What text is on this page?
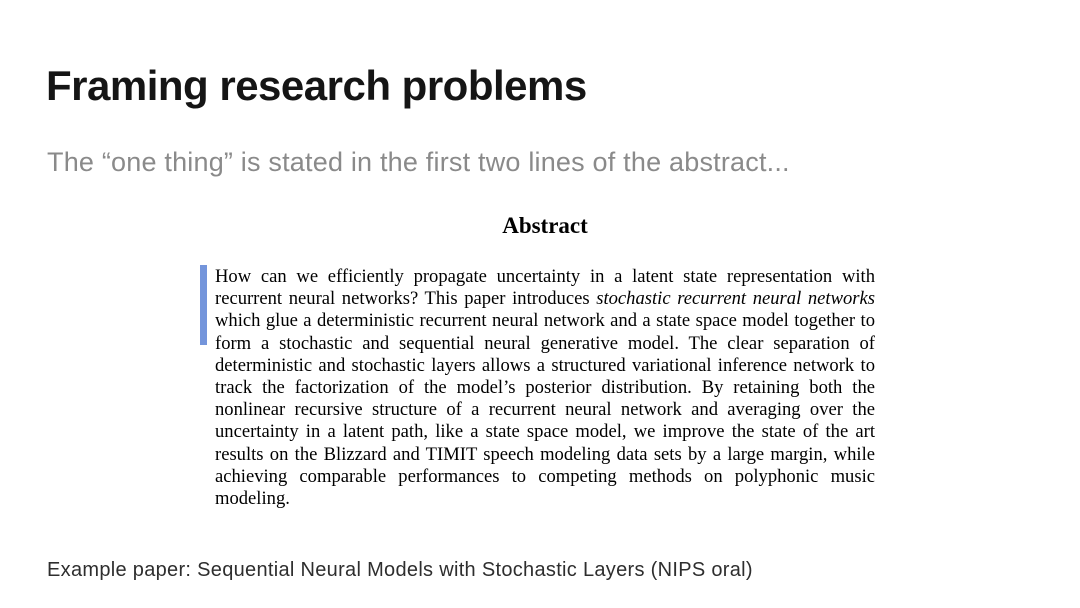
Framing research problems

The “one thing” is stated in the first two lines of the abstract...

Abstract

How can we efficiently propagate uncertainty in a latent state representation with recurrent neural networks? This paper introduces stochastic recurrent neural networks which glue a deterministic recurrent neural network and a state space model together to form a stochastic and sequential neural generative model. The clear separation of deterministic and stochastic layers allows a structured variational inference network to track the factorization of the model’s posterior distribution. By retaining both the nonlinear recursive structure of a recurrent neural network and averaging over the uncertainty in a latent path, like a state space model, we improve the state of the art results on the Blizzard and TIMIT speech modeling data sets by a large margin, while achieving comparable performances to competing methods on polyphonic music modeling.

Example paper: Sequential Neural Models with Stochastic Layers (NIPS oral)
